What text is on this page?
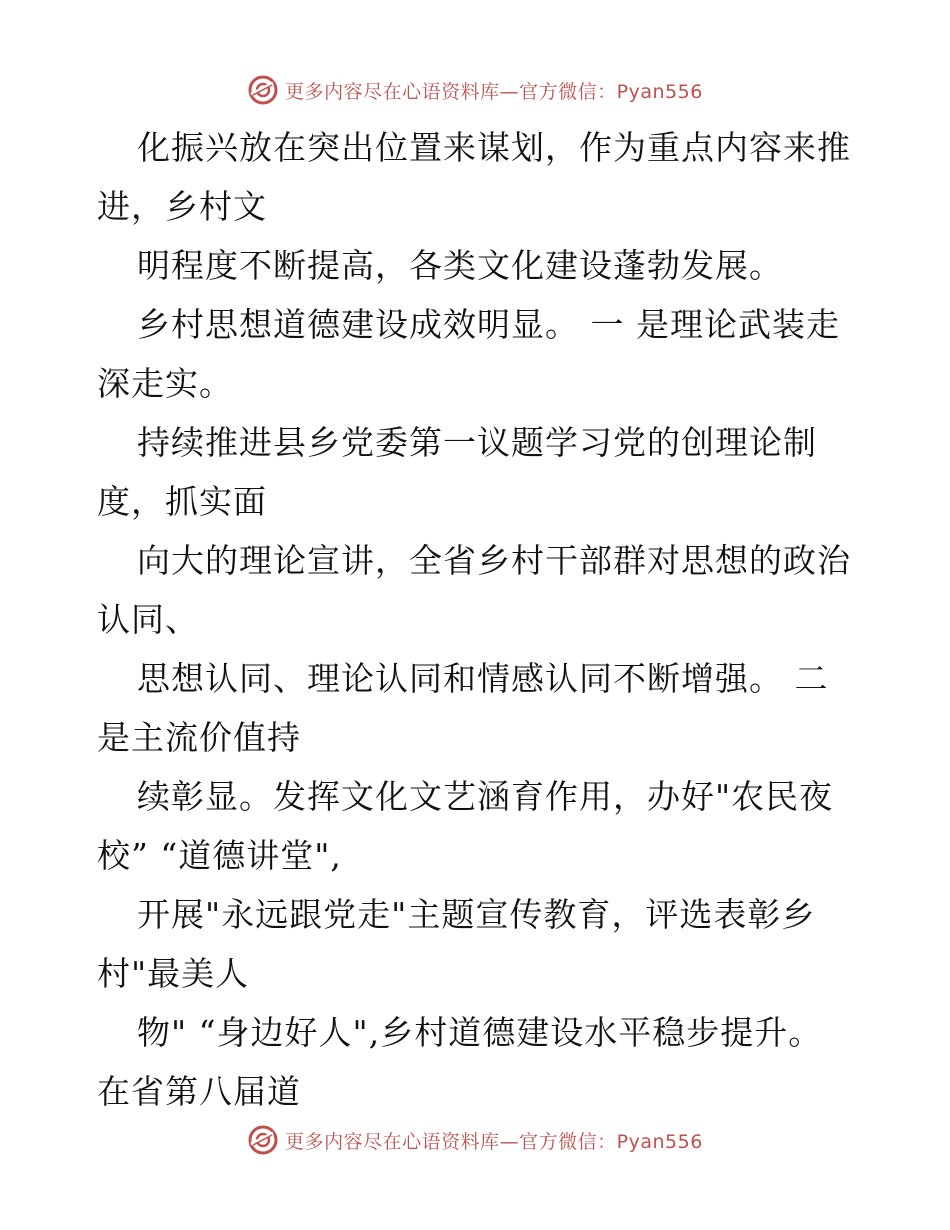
更多内容尽在心语资料库—官方微信：Pyan556
化振兴放在突出位置来谋划，作为重点内容来推
进，乡村文
明程度不断提高，各类文化建设蓬勃发展。
乡村思想道德建设成效明显。 一 是理论武装走
深走实。
持续推进县乡党委第一议题学习党的创理论制
度，抓实面
向大的理论宣讲，全省乡村干部群对思想的政治
认同、
思想认同、理论认同和情感认同不断增强。 二
是主流价值持
续彰显。发挥文化文艺涵育作用，办好"农民夜
校” “道德讲堂",
开展"永远跟党走"主题宣传教育，评选表彰乡
村"最美人
物" “身边好人",乡村道德建设水平稳步提升。
在省第八届道
更多内容尽在心语资料库—官方微信：Pyan556
